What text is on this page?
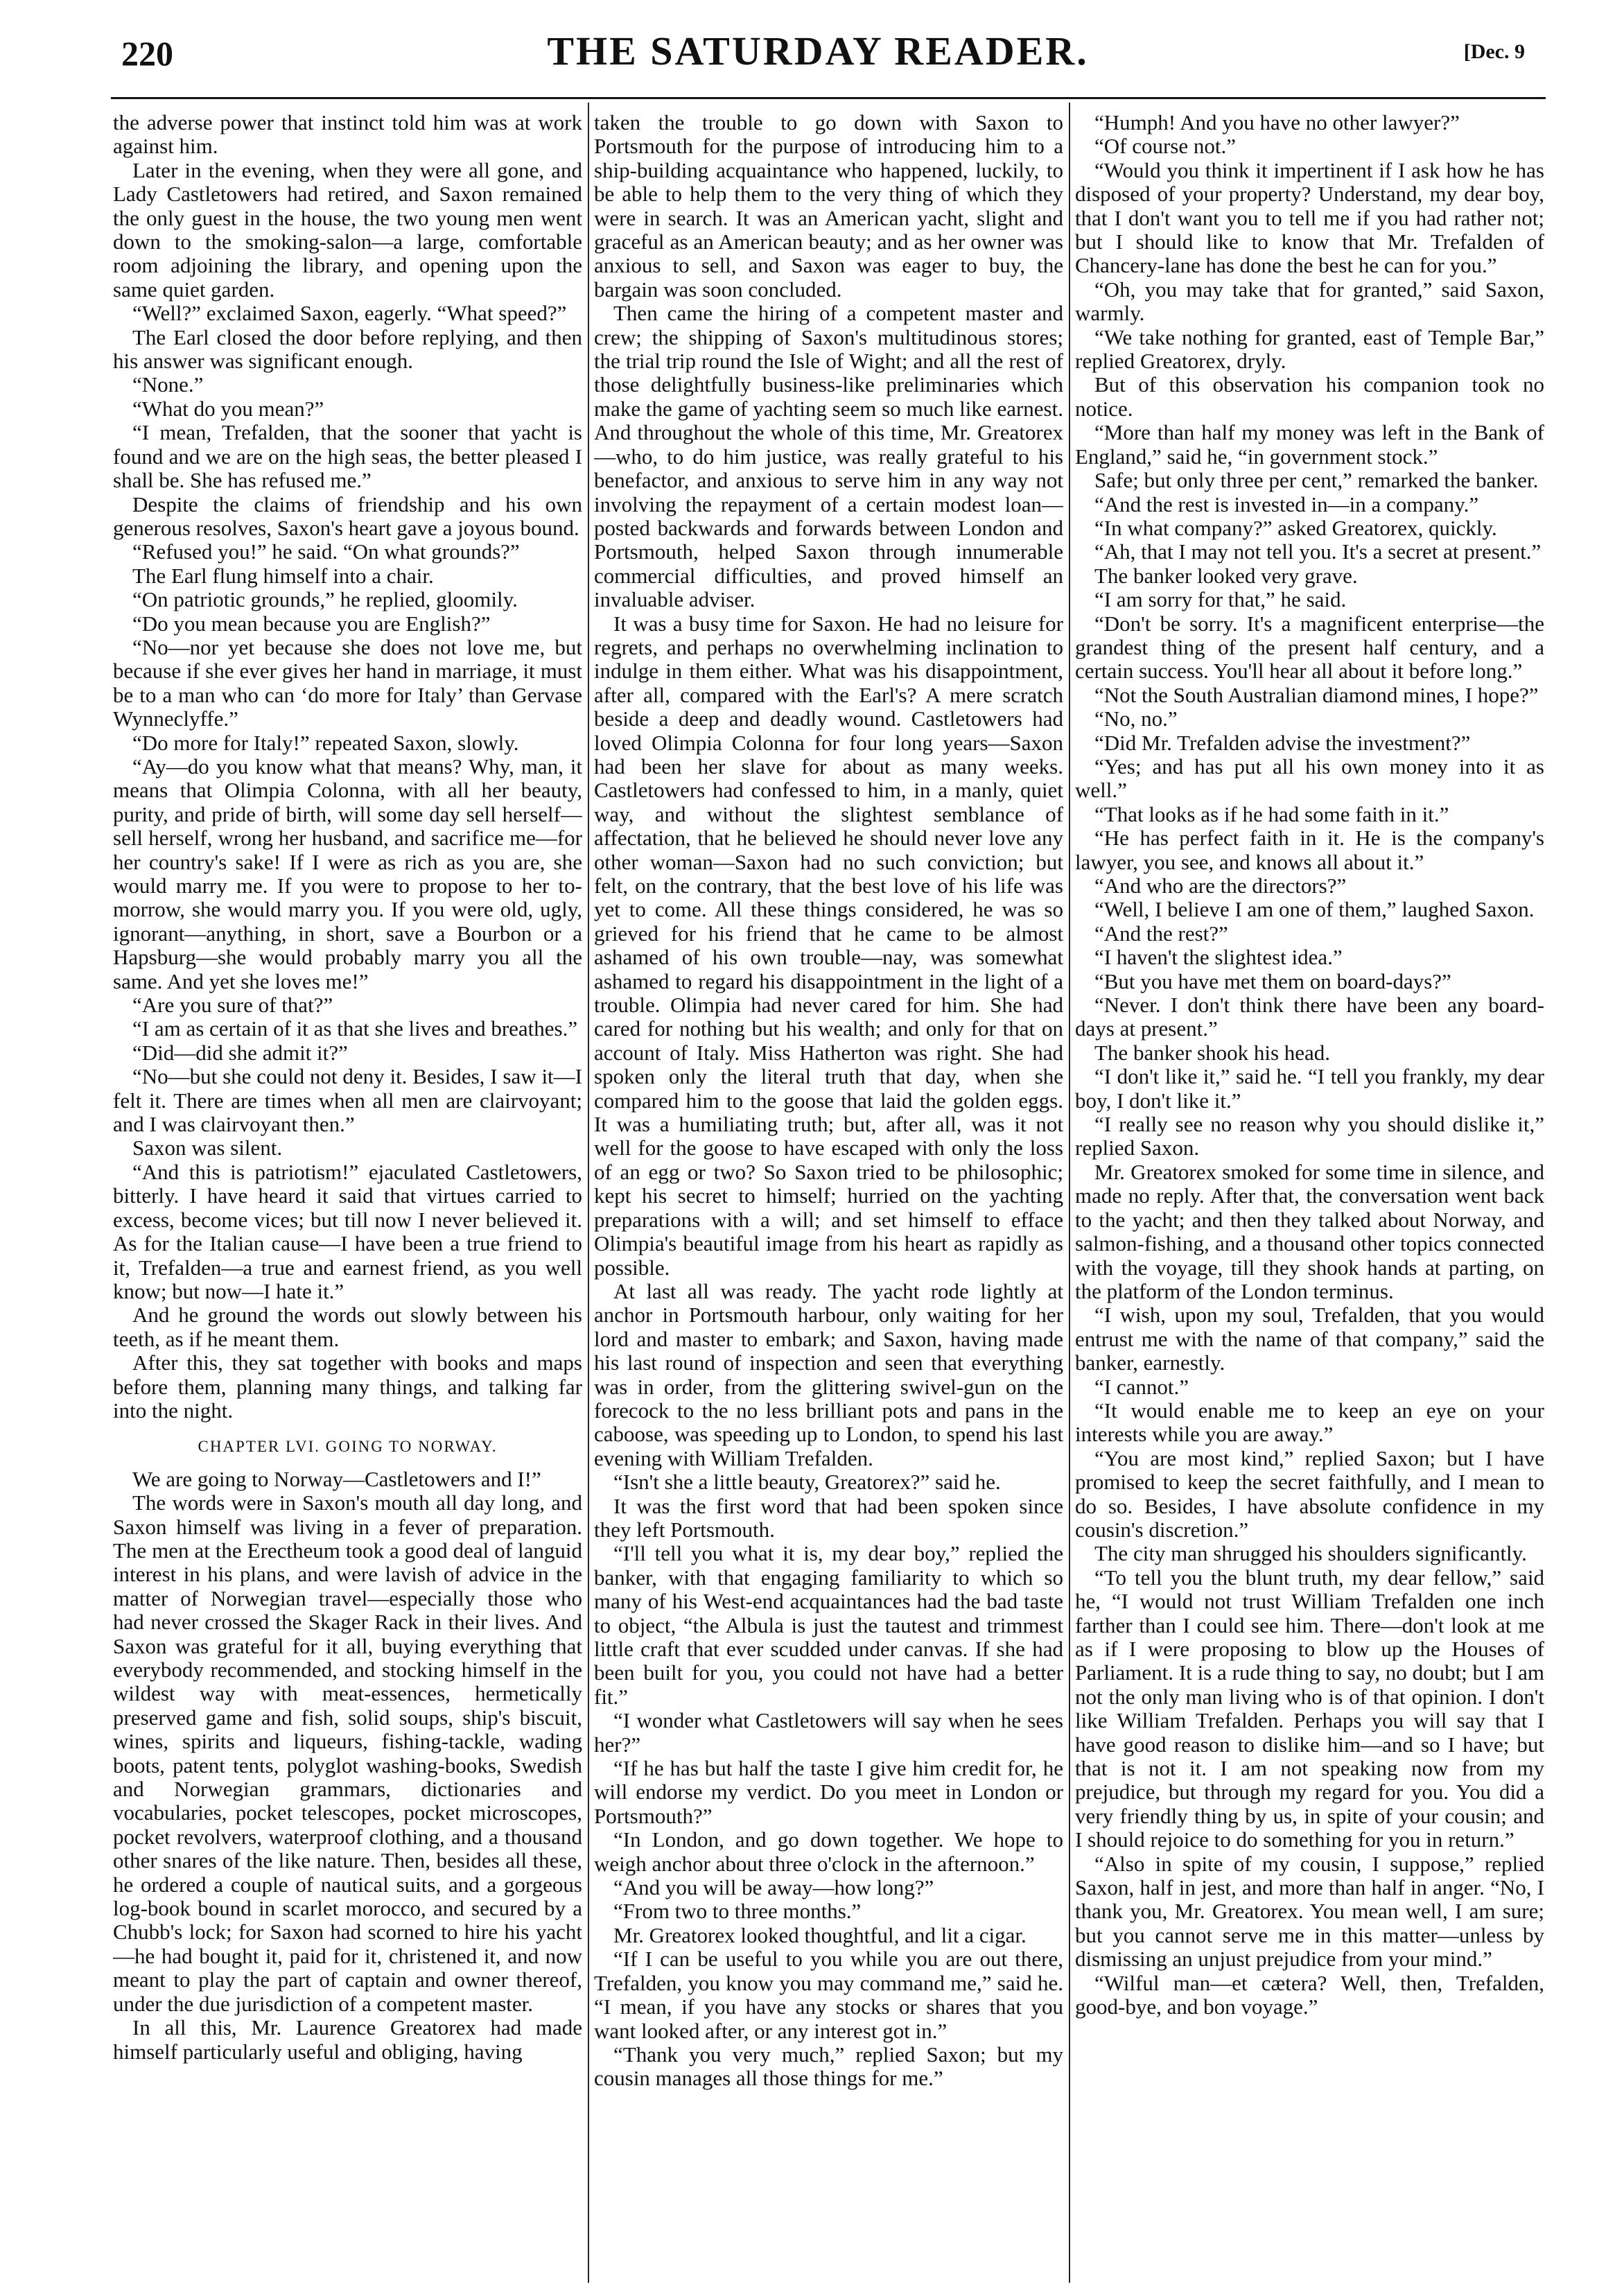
220	THE SATURDAY READER.	[Dec. 9

the adverse power that instinct told him was at work against him.

Later in the evening, when they were all gone, and Lady Castletowers had retired, and Saxon remained the only guest in the house, the two young men went down to the smoking-salon—a large, comfortable room adjoining the library, and opening upon the same quiet garden.

“Well?” exclaimed Saxon, eagerly. “What speed?”

The Earl closed the door before replying, and then his answer was significant enough.

“None.”

“What do you mean?”

“I mean, Trefalden, that the sooner that yacht is found and we are on the high seas, the better pleased I shall be. She has refused me.”

Despite the claims of friendship and his own generous resolves, Saxon's heart gave a joyous bound.

“Refused you!” he said. “On what grounds?”

The Earl flung himself into a chair.

“On patriotic grounds,” he replied, gloomily.

“Do you mean because you are English?”

“No—nor yet because she does not love me, but because if she ever gives her hand in marriage, it must be to a man who can ‘do more for Italy’ than Gervase Wynneclyffe.”

“Do more for Italy!” repeated Saxon, slowly.

“Ay—do you know what that means? Why, man, it means that Olimpia Colonna, with all her beauty, purity, and pride of birth, will some day sell herself—sell herself, wrong her husband, and sacrifice me—for her country's sake! If I were as rich as you are, she would marry me. If you were to propose to her to-morrow, she would marry you. If you were old, ugly, ignorant—anything, in short, save a Bourbon or a Hapsburg—she would probably marry you all the same. And yet she loves me!”

“Are you sure of that?”

“I am as certain of it as that she lives and breathes.”

“Did—did she admit it?”

“No—but she could not deny it. Besides, I saw it—I felt it. There are times when all men are clairvoyant; and I was clairvoyant then.”

Saxon was silent.

“And this is patriotism!” ejaculated Castletowers, bitterly. I have heard it said that virtues carried to excess, become vices; but till now I never believed it. As for the Italian cause—I have been a true friend to it, Trefalden—a true and earnest friend, as you well know; but now—I hate it.”

And he ground the words out slowly between his teeth, as if he meant them.

After this, they sat together with books and maps before them, planning many things, and talking far into the night.

CHAPTER LVI. GOING TO NORWAY.

We are going to Norway—Castletowers and I!”

The words were in Saxon's mouth all day long, and Saxon himself was living in a fever of preparation. The men at the Erectheum took a good deal of languid interest in his plans, and were lavish of advice in the matter of Norwegian travel—especially those who had never crossed the Skager Rack in their lives. And Saxon was grateful for it all, buying everything that everybody recommended, and stocking himself in the wildest way with meat-essences, hermetically preserved game and fish, solid soups, ship's biscuit, wines, spirits and liqueurs, fishing-tackle, wading boots, patent tents, polyglot washing-books, Swedish and Norwegian grammars, dictionaries and vocabularies, pocket telescopes, pocket microscopes, pocket revolvers, waterproof clothing, and a thousand other snares of the like nature. Then, besides all these, he ordered a couple of nautical suits, and a gorgeous log-book bound in scarlet morocco, and secured by a Chubb's lock; for Saxon had scorned to hire his yacht—he had bought it, paid for it, christened it, and now meant to play the part of captain and owner thereof, under the due jurisdiction of a competent master.

In all this, Mr. Laurence Greatorex had made himself particularly useful and obliging, having

taken the trouble to go down with Saxon to Portsmouth for the purpose of introducing him to a ship-building acquaintance who happened, luckily, to be able to help them to the very thing of which they were in search. It was an American yacht, slight and graceful as an American beauty; and as her owner was anxious to sell, and Saxon was eager to buy, the bargain was soon concluded.

Then came the hiring of a competent master and crew; the shipping of Saxon's multitudinous stores; the trial trip round the Isle of Wight; and all the rest of those delightfully business-like preliminaries which make the game of yachting seem so much like earnest. And throughout the whole of this time, Mr. Greatorex—who, to do him justice, was really grateful to his benefactor, and anxious to serve him in any way not involving the repayment of a certain modest loan—posted backwards and forwards between London and Portsmouth, helped Saxon through innumerable commercial difficulties, and proved himself an invaluable adviser.

It was a busy time for Saxon. He had no leisure for regrets, and perhaps no overwhelming inclination to indulge in them either. What was his disappointment, after all, compared with the Earl's? A mere scratch beside a deep and deadly wound. Castletowers had loved Olimpia Colonna for four long years—Saxon had been her slave for about as many weeks. Castletowers had confessed to him, in a manly, quiet way, and without the slightest semblance of affectation, that he believed he should never love any other woman—Saxon had no such conviction; but felt, on the contrary, that the best love of his life was yet to come. All these things considered, he was so grieved for his friend that he came to be almost ashamed of his own trouble—nay, was somewhat ashamed to regard his disappointment in the light of a trouble. Olimpia had never cared for him. She had cared for nothing but his wealth; and only for that on account of Italy. Miss Hatherton was right. She had spoken only the literal truth that day, when she compared him to the goose that laid the golden eggs. It was a humiliating truth; but, after all, was it not well for the goose to have escaped with only the loss of an egg or two? So Saxon tried to be philosophic; kept his secret to himself; hurried on the yachting preparations with a will; and set himself to efface Olimpia's beautiful image from his heart as rapidly as possible.

At last all was ready. The yacht rode lightly at anchor in Portsmouth harbour, only waiting for her lord and master to embark; and Saxon, having made his last round of inspection and seen that everything was in order, from the glittering swivel-gun on the forecock to the no less brilliant pots and pans in the caboose, was speeding up to London, to spend his last evening with William Trefalden.

“Isn't she a little beauty, Greatorex?” said he.

It was the first word that had been spoken since they left Portsmouth.

“I'll tell you what it is, my dear boy,” replied the banker, with that engaging familiarity to which so many of his West-end acquaintances had the bad taste to object, “the Albula is just the tautest and trimmest little craft that ever scudded under canvas. If she had been built for you, you could not have had a better fit.”

“I wonder what Castletowers will say when he sees her?”

“If he has but half the taste I give him credit for, he will endorse my verdict. Do you meet in London or Portsmouth?”

“In London, and go down together. We hope to weigh anchor about three o'clock in the afternoon.”

“And you will be away—how long?”

“From two to three months.”

Mr. Greatorex looked thoughtful, and lit a cigar.

“If I can be useful to you while you are out there, Trefalden, you know you may command me,” said he. “I mean, if you have any stocks or shares that you want looked after, or any interest got in.”

“Thank you very much,” replied Saxon; but my cousin manages all those things for me.”

“Humph! And you have no other lawyer?”

“Of course not.”

“Would you think it impertinent if I ask how he has disposed of your property? Understand, my dear boy, that I don't want you to tell me if you had rather not; but I should like to know that Mr. Trefalden of Chancery-lane has done the best he can for you.”

“Oh, you may take that for granted,” said Saxon, warmly.

“We take nothing for granted, east of Temple Bar,” replied Greatorex, dryly.

But of this observation his companion took no notice.

“More than half my money was left in the Bank of England,” said he, “in government stock.”

Safe; but only three per cent,” remarked the banker.

“And the rest is invested in—in a company.”

“In what company?” asked Greatorex, quickly.

“Ah, that I may not tell you. It's a secret at present.”

The banker looked very grave.

“I am sorry for that,” he said.

“Don't be sorry. It's a magnificent enterprise—the grandest thing of the present half century, and a certain success. You'll hear all about it before long.”

“Not the South Australian diamond mines, I hope?”

“No, no.”

“Did Mr. Trefalden advise the investment?”

“Yes; and has put all his own money into it as well.”

“That looks as if he had some faith in it.”

“He has perfect faith in it. He is the company's lawyer, you see, and knows all about it.”

“And who are the directors?”

“Well, I believe I am one of them,” laughed Saxon.

“And the rest?”

“I haven't the slightest idea.”

“But you have met them on board-days?”

“Never. I don't think there have been any board-days at present.”

The banker shook his head.

“I don't like it,” said he. “I tell you frankly, my dear boy, I don't like it.”

“I really see no reason why you should dislike it,” replied Saxon.

Mr. Greatorex smoked for some time in silence, and made no reply. After that, the conversation went back to the yacht; and then they talked about Norway, and salmon-fishing, and a thousand other topics connected with the voyage, till they shook hands at parting, on the platform of the London terminus.

“I wish, upon my soul, Trefalden, that you would entrust me with the name of that company,” said the banker, earnestly.

“I cannot.”

“It would enable me to keep an eye on your interests while you are away.”

“You are most kind,” replied Saxon; but I have promised to keep the secret faithfully, and I mean to do so. Besides, I have absolute confidence in my cousin's discretion.”

The city man shrugged his shoulders significantly.

“To tell you the blunt truth, my dear fellow,” said he, “I would not trust William Trefalden one inch farther than I could see him. There—don't look at me as if I were proposing to blow up the Houses of Parliament. It is a rude thing to say, no doubt; but I am not the only man living who is of that opinion. I don't like William Trefalden. Perhaps you will say that I have good reason to dislike him—and so I have; but that is not it. I am not speaking now from my prejudice, but through my regard for you. You did a very friendly thing by us, in spite of your cousin; and I should rejoice to do something for you in return.”

“Also in spite of my cousin, I suppose,” replied Saxon, half in jest, and more than half in anger. “No, I thank you, Mr. Greatorex. You mean well, I am sure; but you cannot serve me in this matter—unless by dismissing an unjust prejudice from your mind.”

“Wilful man—et cætera? Well, then, Trefalden, good-bye, and bon voyage.”
